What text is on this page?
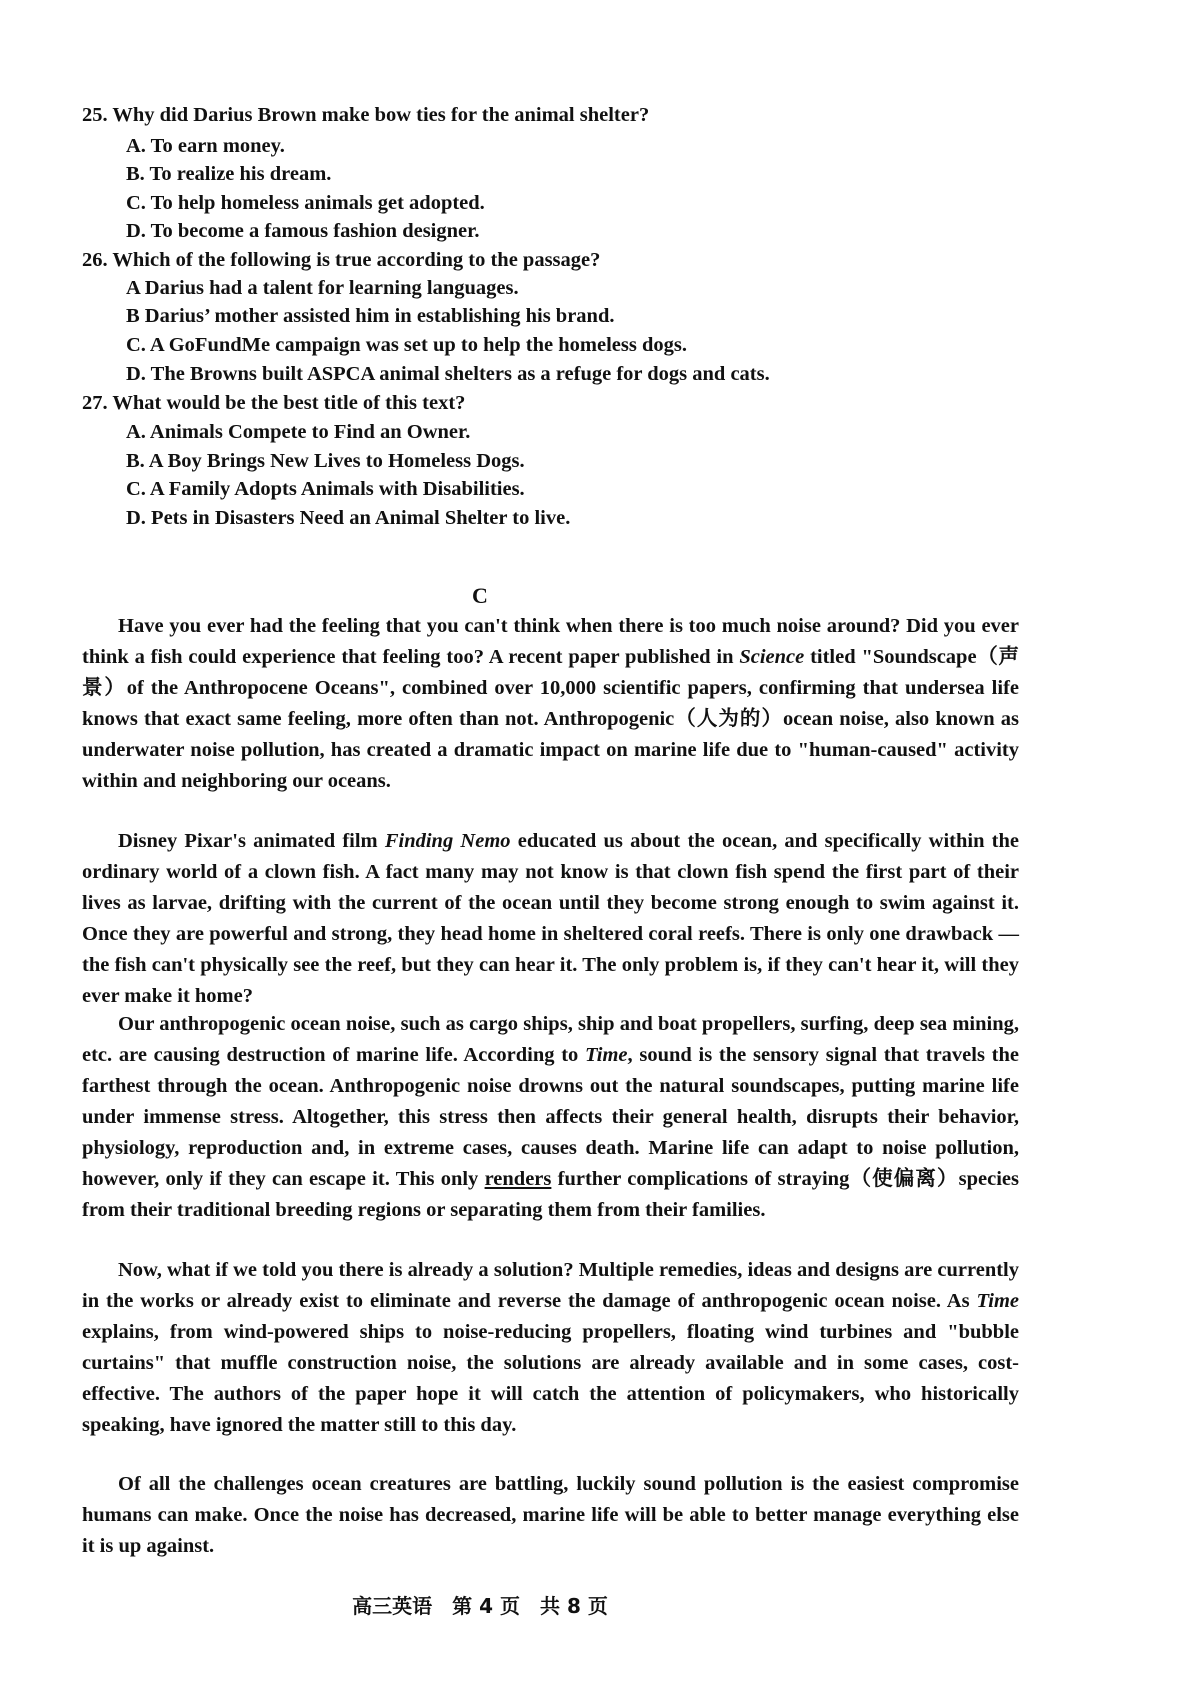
25. Why did Darius Brown make bow ties for the animal shelter?
A. To earn money.
B. To realize his dream.
C. To help homeless animals get adopted.
D. To become a famous fashion designer.
26. Which of the following is true according to the passage?
A Darius had a talent for learning languages.
B Darius’ mother assisted him in establishing his brand.
C. A GoFundMe campaign was set up to help the homeless dogs.
D. The Browns built ASPCA animal shelters as a refuge for dogs and cats.
27. What would be the best title of this text?
A. Animals Compete to Find an Owner.
B. A Boy Brings New Lives to Homeless Dogs.
C. A Family Adopts Animals with Disabilities.
D. Pets in Disasters Need an Animal Shelter to live.
C
Have you ever had the feeling that you can't think when there is too much noise around? Did you ever think a fish could experience that feeling too? A recent paper published in Science titled "Soundscape（声 景）of the Anthropocene Oceans", combined over 10,000 scientific papers, confirming that undersea life knows that exact same feeling, more often than not. Anthropogenic（人为的）ocean noise, also known as underwater noise pollution, has created a dramatic impact on marine life due to "human-caused" activity within and neighboring our oceans.
Disney Pixar's animated film Finding Nemo educated us about the ocean, and specifically within the ordinary world of a clown fish. A fact many may not know is that clown fish spend the first part of their lives as larvae, drifting with the current of the ocean until they become strong enough to swim against it. Once they are powerful and strong, they head home in sheltered coral reefs. There is only one drawback — the fish can't physically see the reef, but they can hear it. The only problem is, if they can't hear it, will they ever make it home?
Our anthropogenic ocean noise, such as cargo ships, ship and boat propellers, surfing, deep sea mining, etc. are causing destruction of marine life. According to Time, sound is the sensory signal that travels the farthest through the ocean. Anthropogenic noise drowns out the natural soundscapes, putting marine life under immense stress. Altogether, this stress then affects their general health, disrupts their behavior, physiology, reproduction and, in extreme cases, causes death. Marine life can adapt to noise pollution, however, only if they can escape it. This only renders further complications of straying（使偏离）species from their traditional breeding regions or separating them from their families.
Now, what if we told you there is already a solution? Multiple remedies, ideas and designs are currently in the works or already exist to eliminate and reverse the damage of anthropogenic ocean noise. As Time explains, from wind-powered ships to noise-reducing propellers, floating wind turbines and "bubble curtains" that muffle construction noise, the solutions are already available and in some cases, cost- effective. The authors of the paper hope it will catch the attention of policymakers, who historically speaking, have ignored the matter still to this day.
Of all the challenges ocean creatures are battling, luckily sound pollution is the easiest compromise humans can make. Once the noise has decreased, marine life will be able to better manage everything else it is up against.
高三英语　第 4 页　共 8 页
